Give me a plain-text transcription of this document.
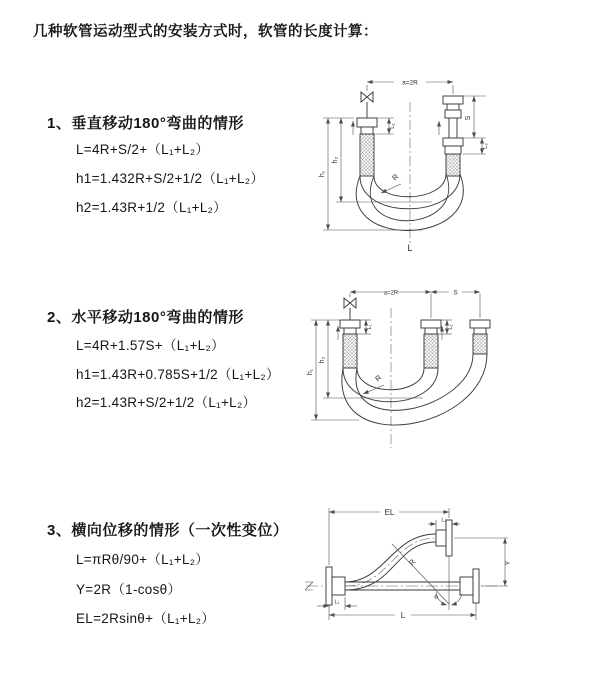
几种软管运动型式的安装方式时，软管的长度计算：
1、垂直移动180°弯曲的情形
L=4R+S/2+（L₁+L₂）
h1=1.432R+S/2+1/2（L₁+L₂）
h2=1.43R+1/2（L₁+L₂）
2、水平移动180°弯曲的情形
L=4R+1.57S+（L₁+L₂）
h1=1.43R+0.785S+1/2（L₁+L₂）
h2=1.43R+S/2+1/2（L₁+L₂）
3、横向位移的情形（一次性变位）
L=πRθ/90+（L₁+L₂）
Y=2R（1-cosθ）
EL=2Rsinθ+（L₁+L₂）
a=2R
S
L₂
h₂
h₁
L₁
R
L
a=2R	S
L₁	L₂
h₂
h₁
R
EL
L₂
Y
R
θ
L
L₁
